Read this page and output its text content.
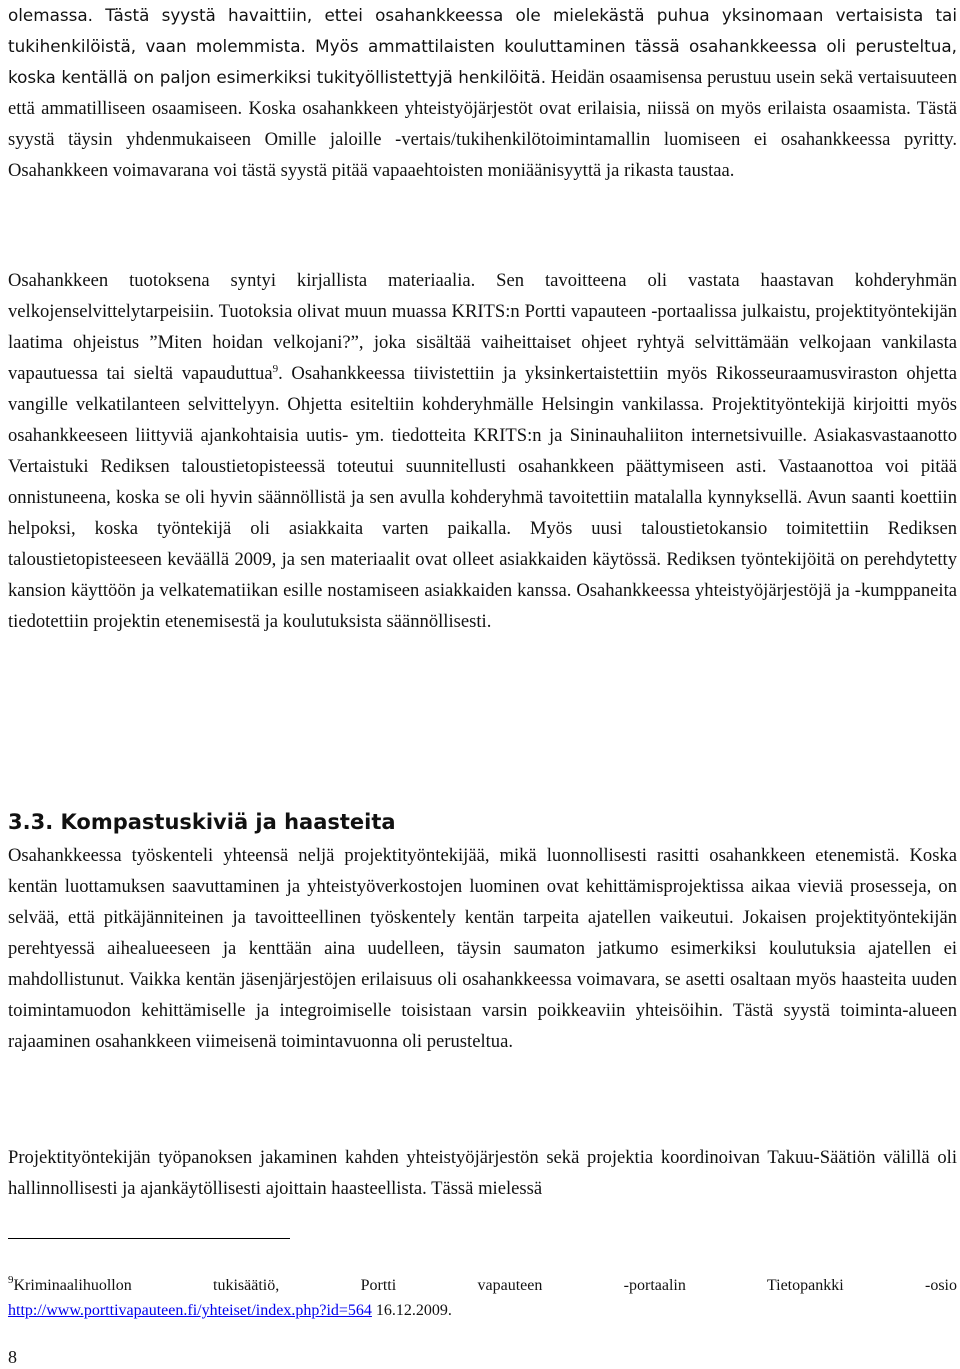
olemassa. Tästä syystä havaittiin, ettei osahankkeessa ole mielekästä puhua yksinomaan vertaisista tai tukihenkilöistä, vaan molemmista. Myös ammattilaisten kouluttaminen tässä osahankkeessa oli perusteltua, koska kentällä on paljon esimerkiksi tukityöllistettyjä henkilöitä. Heidän osaamisensa perustuu usein sekä vertaisuuteen että ammatilliseen osaamiseen. Koska osahankkeen yhteistyöjärjestöt ovat erilaisia, niissä on myös erilaista osaamista. Tästä syystä täysin yhdenmukaiseen Omille jaloille -vertais/tukihenkilötoimintamallin luomiseen ei osahankkeessa pyritty. Osahankkeen voimavarana voi tästä syystä pitää vapaaehtoisten moniäänisyyttä ja rikasta taustaa.

Osahankkeen tuotoksena syntyi kirjallista materiaalia. Sen tavoitteena oli vastata haastavan kohderyhmän velkojenselvittelytarpeisiin. Tuotoksia olivat muun muassa KRITS:n Portti vapauteen -portaalissa julkaistu, projektityöntekijän laatima ohjeistus ”Miten hoidan velkojani?”, joka sisältää vaiheittaiset ohjeet ryhtyä selvittämään velkojaan vankilasta vapautuessa tai sieltä vapauduttua$^9$. Osahankkeessa tiivistettiin ja yksinkertaistettiin myös Rikosseuraamusviraston ohjetta vangille velkatilanteen selvittelyyn. Ohjetta esiteltiin kohderyhmälle Helsingin vankilassa. Projektityöntekijä kirjoitti myös osahankkeeseen liittyviä ajankohtaisia uutis- ym. tiedotteita KRITS:n ja Sininauhaliiton internetsivuille. Asiakasvastaanotto Vertaistuki Rediksen taloustietopisteessä toteutui suunnitellusti osahankkeen päättymiseen asti. Vastaanottoa voi pitää onnistuneena, koska se oli hyvin säännöllistä ja sen avulla kohderyhmä tavoitettiin matalalla kynnyksellä. Avun saanti koettiin helpoksi, koska työntekijä oli asiakkaita varten paikalla. Myös uusi taloustietokansio toimitettiin Rediksen taloustietopisteeseen keväällä 2009, ja sen materiaalit ovat olleet asiakkaiden käytössä. Rediksen työntekijöitä on perehdytetty kansion käyttöön ja velkatematiikan esille nostamiseen asiakkaiden kanssa. Osahankkeessa yhteistyöjärjestöjä ja -kumppaneita tiedotettiin projektin etenemisestä ja koulutuksista säännöllisesti.

3.3. Kompastuskiviä ja haasteita

Osahankkeessa työskenteli yhteensä neljä projektityöntekijää, mikä luonnollisesti rasitti osahankkeen etenemistä. Koska kentän luottamuksen saavuttaminen ja yhteistyöverkostojen luominen ovat kehittämisprojektissa aikaa vieviä prosesseja, on selvää, että pitkäjänniteinen ja tavoitteellinen työskentely kentän tarpeita ajatellen vaikeutui. Jokaisen projektityöntekijän perehtyessä aihealueeseen ja kenttään aina uudelleen, täysin saumaton jatkumo esimerkiksi koulutuksia ajatellen ei mahdollistunut. Vaikka kentän jäsenjärjestöjen erilaisuus oli osahankkeessa voimavara, se asetti osaltaan myös haasteita uuden toimintamuodon kehittämiselle ja integroimiselle toisistaan varsin poikkeaviin yhteisöihin. Tästä syystä toiminta-alueen rajaaminen osahankkeen viimeisenä toimintavuonna oli perusteltua.

Projektityöntekijän työpanoksen jakaminen kahden yhteistyöjärjestön sekä projektia koordinoivan Takuu-Säätiön välillä oli hallinnollisesti ja ajankäytöllisesti ajoittain haasteellista. Tässä mielessä

$^9$Kriminaalihuollon tukisäätiö, Portti vapauteen -portaalin Tietopankki -osio

http://www.porttivapauteen.fi/yhteiset/index.php?id=564 16.12.2009.

8
